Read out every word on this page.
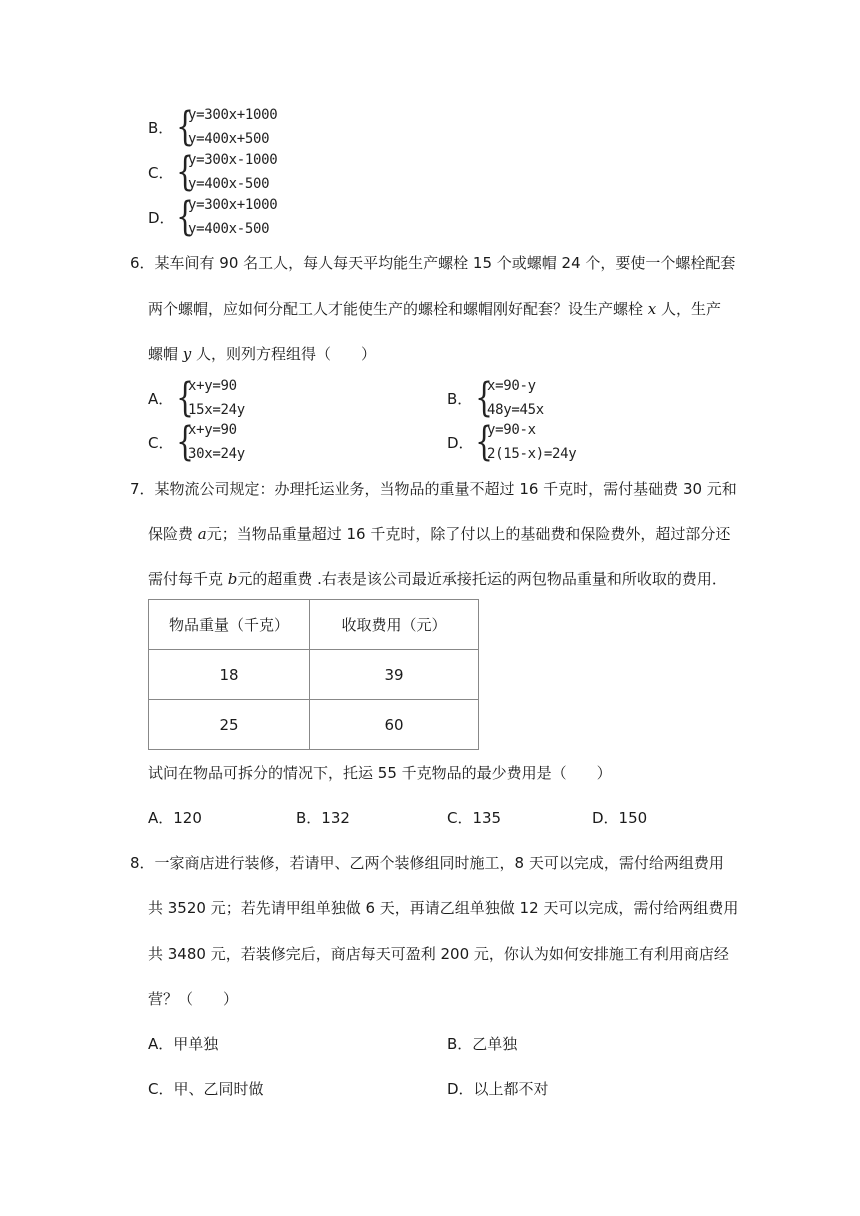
B． {
y=300x+1000
y=400x+500
C． {
y=300x-1000
y=400x-500
D． {
y=300x+1000
y=400x-500
6．某车间有 90 名工人，每人每天平均能生产螺栓 15 个或螺帽 24 个，要使一个螺栓配套
两个螺帽，应如何分配工人才能使生产的螺栓和螺帽刚好配套？设生产螺栓 x 人，生产
螺帽 y 人，则列方程组得（　　）
A． {
x+y=90
15x=24y
B． {
x=90-y
48y=45x
C． {
x+y=90
30x=24y
D． {
y=90-x
2(15-x)=24y
7．某物流公司规定：办理托运业务，当物品的重量不超过 16 千克时，需付基础费 30 元和
保险费 a元；当物品重量超过 16 千克时，除了付以上的基础费和保险费外，超过部分还
需付每千克 b元的超重费 .右表是该公司最近承接托运的两包物品重量和所收取的费用．
物品重量（千克）	收取费用（元）
18	39
25	60
试问在物品可拆分的情况下，托运 55 千克物品的最少费用是（　　）
A．120	B．132	C．135	D．150
8．一家商店进行装修，若请甲、乙两个装修组同时施工，8 天可以完成，需付给两组费用
共 3520 元；若先请甲组单独做 6 天，再请乙组单独做 12 天可以完成，需付给两组费用
共 3480 元，若装修完后，商店每天可盈利 200 元，你认为如何安排施工有利用商店经
营？（　　）
A．甲单独	B．乙单独
C．甲、乙同时做	D．以上都不对
